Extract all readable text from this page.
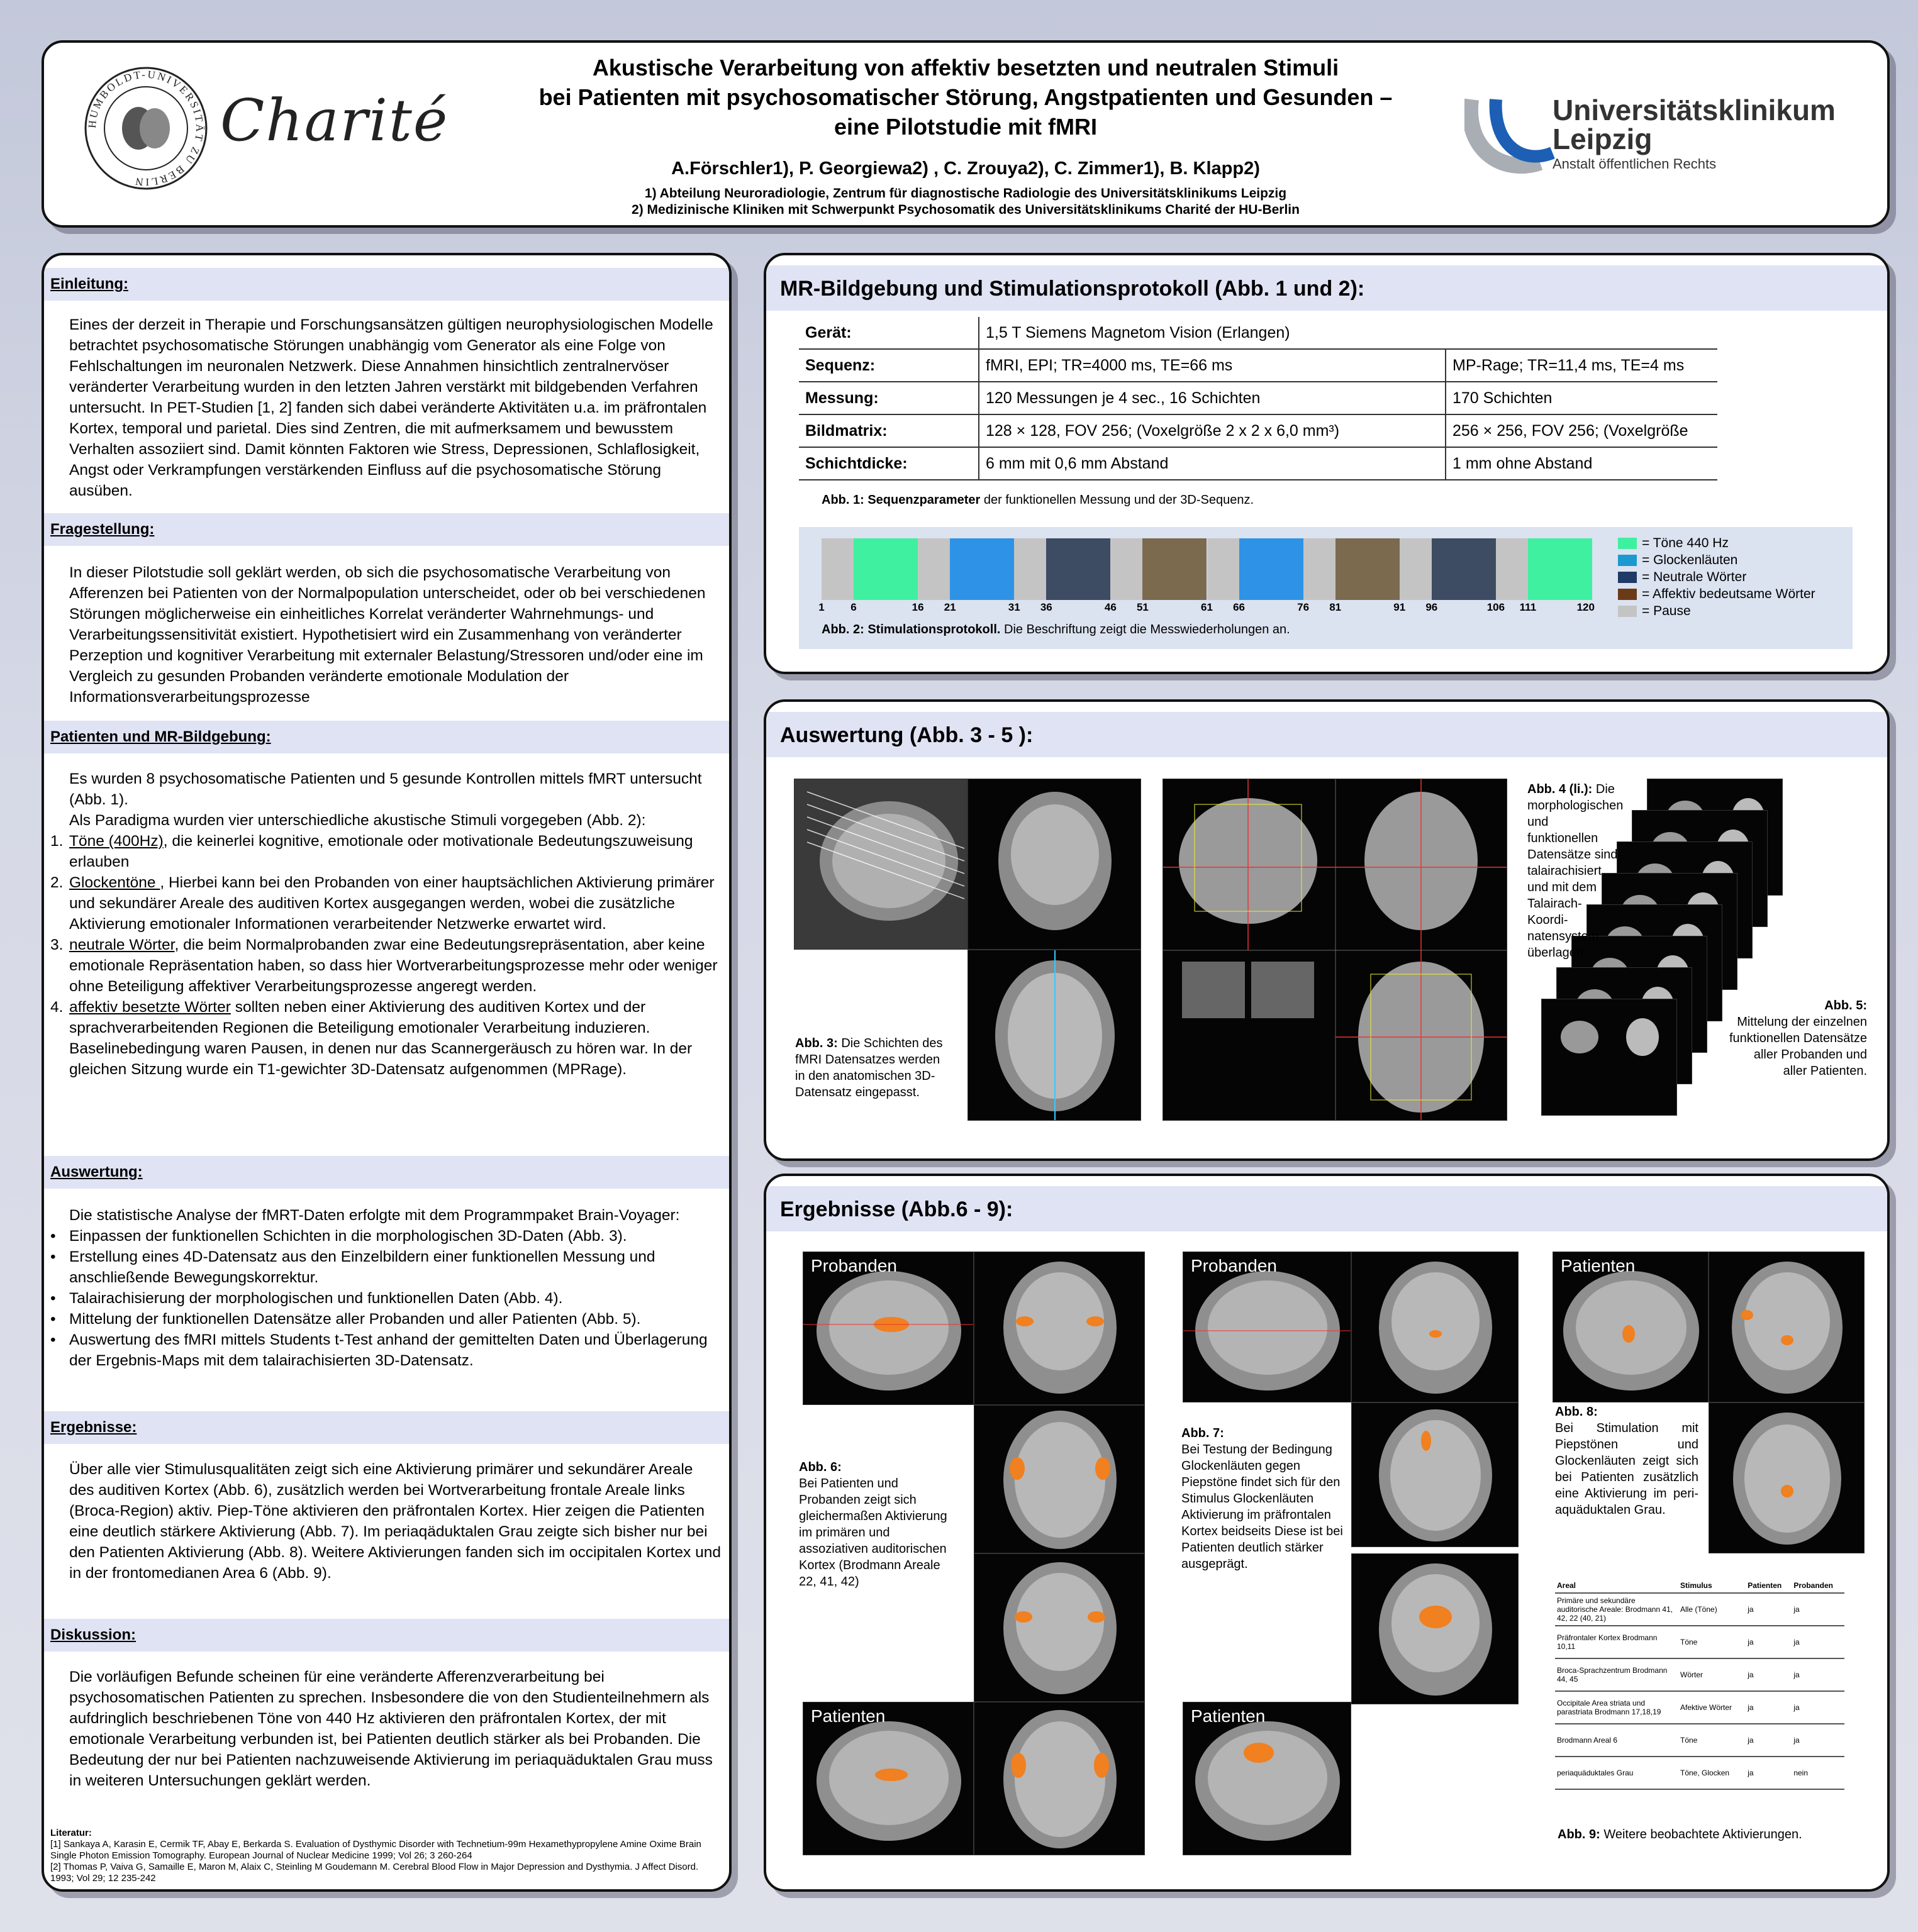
HUMBOLDT-UNIVERSITÄT ZU BERLIN
Charité
Akustische Verarbeitung von affektiv besetzten und neutralen Stimuli
bei Patienten mit psychosomatischer Störung, Angstpatienten und Gesunden –
eine Pilotstudie mit fMRI
A.Förschler1), P. Georgiewa2) , C. Zrouya2), C. Zimmer1), B. Klapp2)
1) Abteilung Neuroradiologie, Zentrum für diagnostische Radiologie des Universitätsklinikums Leipzig
2) Medizinische Kliniken mit Schwerpunkt Psychosomatik des Universitätsklinikums Charité der HU-Berlin
Universitätsklinikum
Leipzig
Anstalt öffentlichen Rechts
Einleitung:

Eines der derzeit in Therapie und Forschungsansätzen gültigen neurophysiologischen Modelle betrachtet psychosomatische Störungen unabhängig vom Generator als eine Folge von Fehlschaltungen im neuronalen Netzwerk. Diese Annahmen hinsichtlich zentralnervöser veränderter Verarbeitung wurden in den letzten Jahren verstärkt mit bildgebenden Verfahren untersucht. In PET-Studien [1, 2] fanden sich dabei veränderte Aktivitäten u.a. im präfrontalen Kortex, temporal und parietal. Dies sind Zentren, die mit aufmerksamem und bewusstem Verhalten assoziiert sind. Damit könnten Faktoren wie Stress, Depressionen, Schlaflosigkeit, Angst oder Verkrampfungen verstärkenden Einfluss auf die psychosomatische Störung ausüben.

Fragestellung:

In dieser Pilotstudie soll geklärt werden, ob sich die psychosomatische Verarbeitung von Afferenzen bei Patienten von der Normalpopulation unterscheidet, oder ob bei verschiedenen Störungen möglicherweise ein einheitliches Korrelat veränderter Wahrnehmungs- und Verarbeitungssensitivität existiert. Hypothetisiert wird ein Zusammenhang von veränderter Perzeption und kognitiver Verarbeitung mit externaler Belastung/Stressoren und/oder eine im Vergleich zu gesunden Probanden veränderte emotionale Modulation der Informationsverarbeitungsprozesse

Patienten und MR-Bildgebung:

Es wurden 8 psychosomatische Patienten und 5 gesunde Kontrollen mittels fMRT untersucht (Abb. 1).

Als Paradigma wurden vier unterschiedliche akustische Stimuli vorgegeben (Abb. 2):

1. Töne (400Hz), die keinerlei kognitive, emotionale oder motivationale Bedeutungszuweisung erlauben
2. Glockentöne , Hierbei kann bei den Probanden von einer hauptsächlichen Aktivierung primärer und sekundärer Areale des auditiven Kortex ausgegangen werden, wobei die zusätzliche Aktivierung emotionaler Informationen verarbeitender Netzwerke erwartet wird.
3. neutrale Wörter, die beim Normalprobanden zwar eine Bedeutungsrepräsentation, aber keine emotionale Repräsentation haben, so dass hier Wortverarbeitungsprozesse mehr oder weniger ohne Beteiligung affektiver Verarbeitungsprozesse angeregt werden.
4. affektiv besetzte Wörter sollten neben einer Aktivierung des auditiven Kortex und der sprachverarbeitenden Regionen die Beteiligung emotionaler Verarbeitung induzieren. Baselinebedingung waren Pausen, in denen nur das Scannergeräusch zu hören war. In der gleichen Sitzung wurde ein T1-gewichter 3D-Datensatz aufgenommen (MPRage).
Auswertung:

Die statistische Analyse der fMRT-Daten erfolgte mit dem Programmpaket Brain-Voyager:

• Einpassen der funktionellen Schichten in die morphologischen 3D-Daten (Abb. 3).
• Erstellung eines 4D-Datensatz aus den Einzelbildern einer funktionellen Messung und anschließende Bewegungskorrektur.
• Talairachisierung der morphologischen und funktionellen Daten (Abb. 4).
• Mittelung der funktionellen Datensätze aller Probanden und aller Patienten (Abb. 5).
• Auswertung des fMRI mittels Students t-Test anhand der gemittelten Daten und Überlagerung der Ergebnis-Maps mit dem talairachisierten 3D-Datensatz.
Ergebnisse:

Über alle vier Stimulusqualitäten zeigt sich eine Aktivierung primärer und sekundärer Areale des auditiven Kortex (Abb. 6), zusätzlich werden bei Wortverarbeitung frontale Areale links (Broca-Region) aktiv. Piep-Töne aktivieren den präfrontalen Kortex. Hier zeigen die Patienten eine deutlich stärkere Aktivierung (Abb. 7). Im periaqäduktalen Grau zeigte sich bisher nur bei den Patienten Aktivierung (Abb. 8). Weitere Aktivierungen fanden sich im occipitalen Kortex und in der frontomedianen Area 6 (Abb. 9).

Diskussion:

Die vorläufigen Befunde scheinen für eine veränderte Afferenzverarbeitung bei psychosomatischen Patienten zu sprechen. Insbesondere die von den Studienteilnehmern als aufdringlich beschriebenen Töne von 440 Hz aktivieren den präfrontalen Kortex, der mit emotionale Verarbeitung verbunden ist, bei Patienten deutlich stärker als bei Probanden. Die Bedeutung der nur bei Patienten nachzuweisende Aktivierung im periaquäduktalen Grau muss in weiteren Untersuchungen geklärt werden.

Literatur:
[1] Sankaya A, Karasin E, Cermik TF, Abay E, Berkarda S. Evaluation of Dysthymic Disorder with Technetium-99m Hexamethypropylene Amine Oxime Brain Single Photon Emission Tomography. European Journal of Nuclear Medicine 1999; Vol 26; 3 260-264
[2] Thomas P, Vaiva G, Samaille E, Maron M, Alaix C, Steinling M Goudemann M. Cerebral Blood Flow in Major Depression and Dysthymia. J Affect Disord. 1993; Vol 29; 12 235-242
MR-Bildgebung und Stimulationsprotokoll (Abb. 1 und 2):
Gerät:	1,5 T Siemens Magnetom Vision (Erlangen)	
Sequenz:	fMRI, EPI; TR=4000 ms, TE=66 ms	MP-Rage; TR=11,4 ms, TE=4 ms
Messung:	120 Messungen je 4 sec., 16 Schichten	170 Schichten
Bildmatrix:	128 × 128, FOV 256; (Voxelgröße 2 x 2 x 6,0 mm³)	256 × 256, FOV 256; (Voxelgröße
Schichtdicke:	6 mm mit 0,6 mm Abstand	1 mm ohne Abstand
Abb. 1: Sequenzparameter der funktionellen Messung und der 3D-Sequenz.
1 6	16 21	31 36	46 51	61 66	76 81	91 96	106 111	120
Abb. 2: Stimulationsprotokoll. Die Beschriftung zeigt die Messwiederholungen an.
= Töne 440 Hz
= Glockenläuten
= Neutrale Wörter
= Affektiv bedeutsame Wörter
= Pause
Auswertung (Abb. 3 - 5 ):
Abb. 3: Die Schichten des fMRI Datensatzes werden in den anatomischen 3D-Datensatz eingepasst.
Abb. 4 (li.): Die morphologischen und funktionellen Datensätze sind talairachisiert und mit dem Talairach-Koordi-natensystem überlagert.
Abb. 5:
Mittelung der einzelnen funktionellen Datensätze aller Probanden und aller Patienten.
Ergebnisse (Abb.6 - 9):
Probanden
Patienten
Abb. 6:
Bei Patienten und Probanden zeigt sich gleichermaßen Aktivierung im primären und assoziativen auditorischen Kortex (Brodmann Areale 22, 41, 42)
Probanden
Patienten
Abb. 7:
Bei Testung der Bedingung Glockenläuten gegen Piepstöne findet sich für den Stimulus Glockenläuten Aktivierung im präfrontalen Kortex beidseits Diese ist bei Patienten deutlich stärker ausgeprägt.
Patienten
Abb. 8:
Bei Stimulation mit Piepstönen und Glockenläuten zeigt sich bei Patienten zusätzlich eine Aktivierung im peri-aquäduktalen Grau.
Areal	Stimulus	Patienten	Probanden
Primäre und sekundäre auditorische Areale: Brodmann 41, 42, 22 (40, 21)	Alle (Töne)	ja	ja
Präfrontaler Kortex Brodmann 10,11	Töne	ja	ja
Broca-Sprachzentrum Brodmann 44, 45	Wörter	ja	ja
Occipitale Area striata und parastriata Brodmann 17,18,19	Afektive Wörter	ja	ja
Brodmann Areal 6	Töne	ja	ja
periaquäduktales Grau	Töne, Glocken	ja	nein
Abb. 9: Weitere beobachtete Aktivierungen.
